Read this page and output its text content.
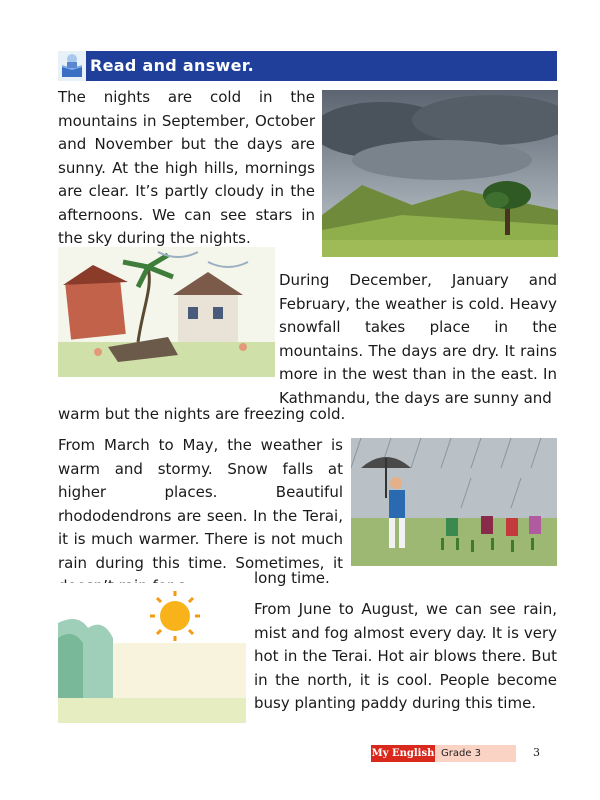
Read and answer.

The nights are cold in the mountains in September, October and November but the days are sunny. At the high hills, mornings are clear. It’s partly cloudy in the afternoons. We can see stars in the sky during the nights.

During December, January and February, the weather is cold. Heavy snowfall takes place in the mountains. The days are dry. It rains more in the west than in the east. In Kathmandu, the days are sunny and

warm but the nights are freezing cold.

From March to May, the weather is warm and stormy. Snow falls at higher places. Beautiful rhododendrons are seen. In the Terai, it is much warmer. There is not much rain during this time. Sometimes, it

long time.

From June to August, we can see rain, mist and fog almost every day. It is very hot in the Terai. Hot air blows there. But in the north, it is cool. People become busy planting paddy during this time.

My English Grade 3	3
